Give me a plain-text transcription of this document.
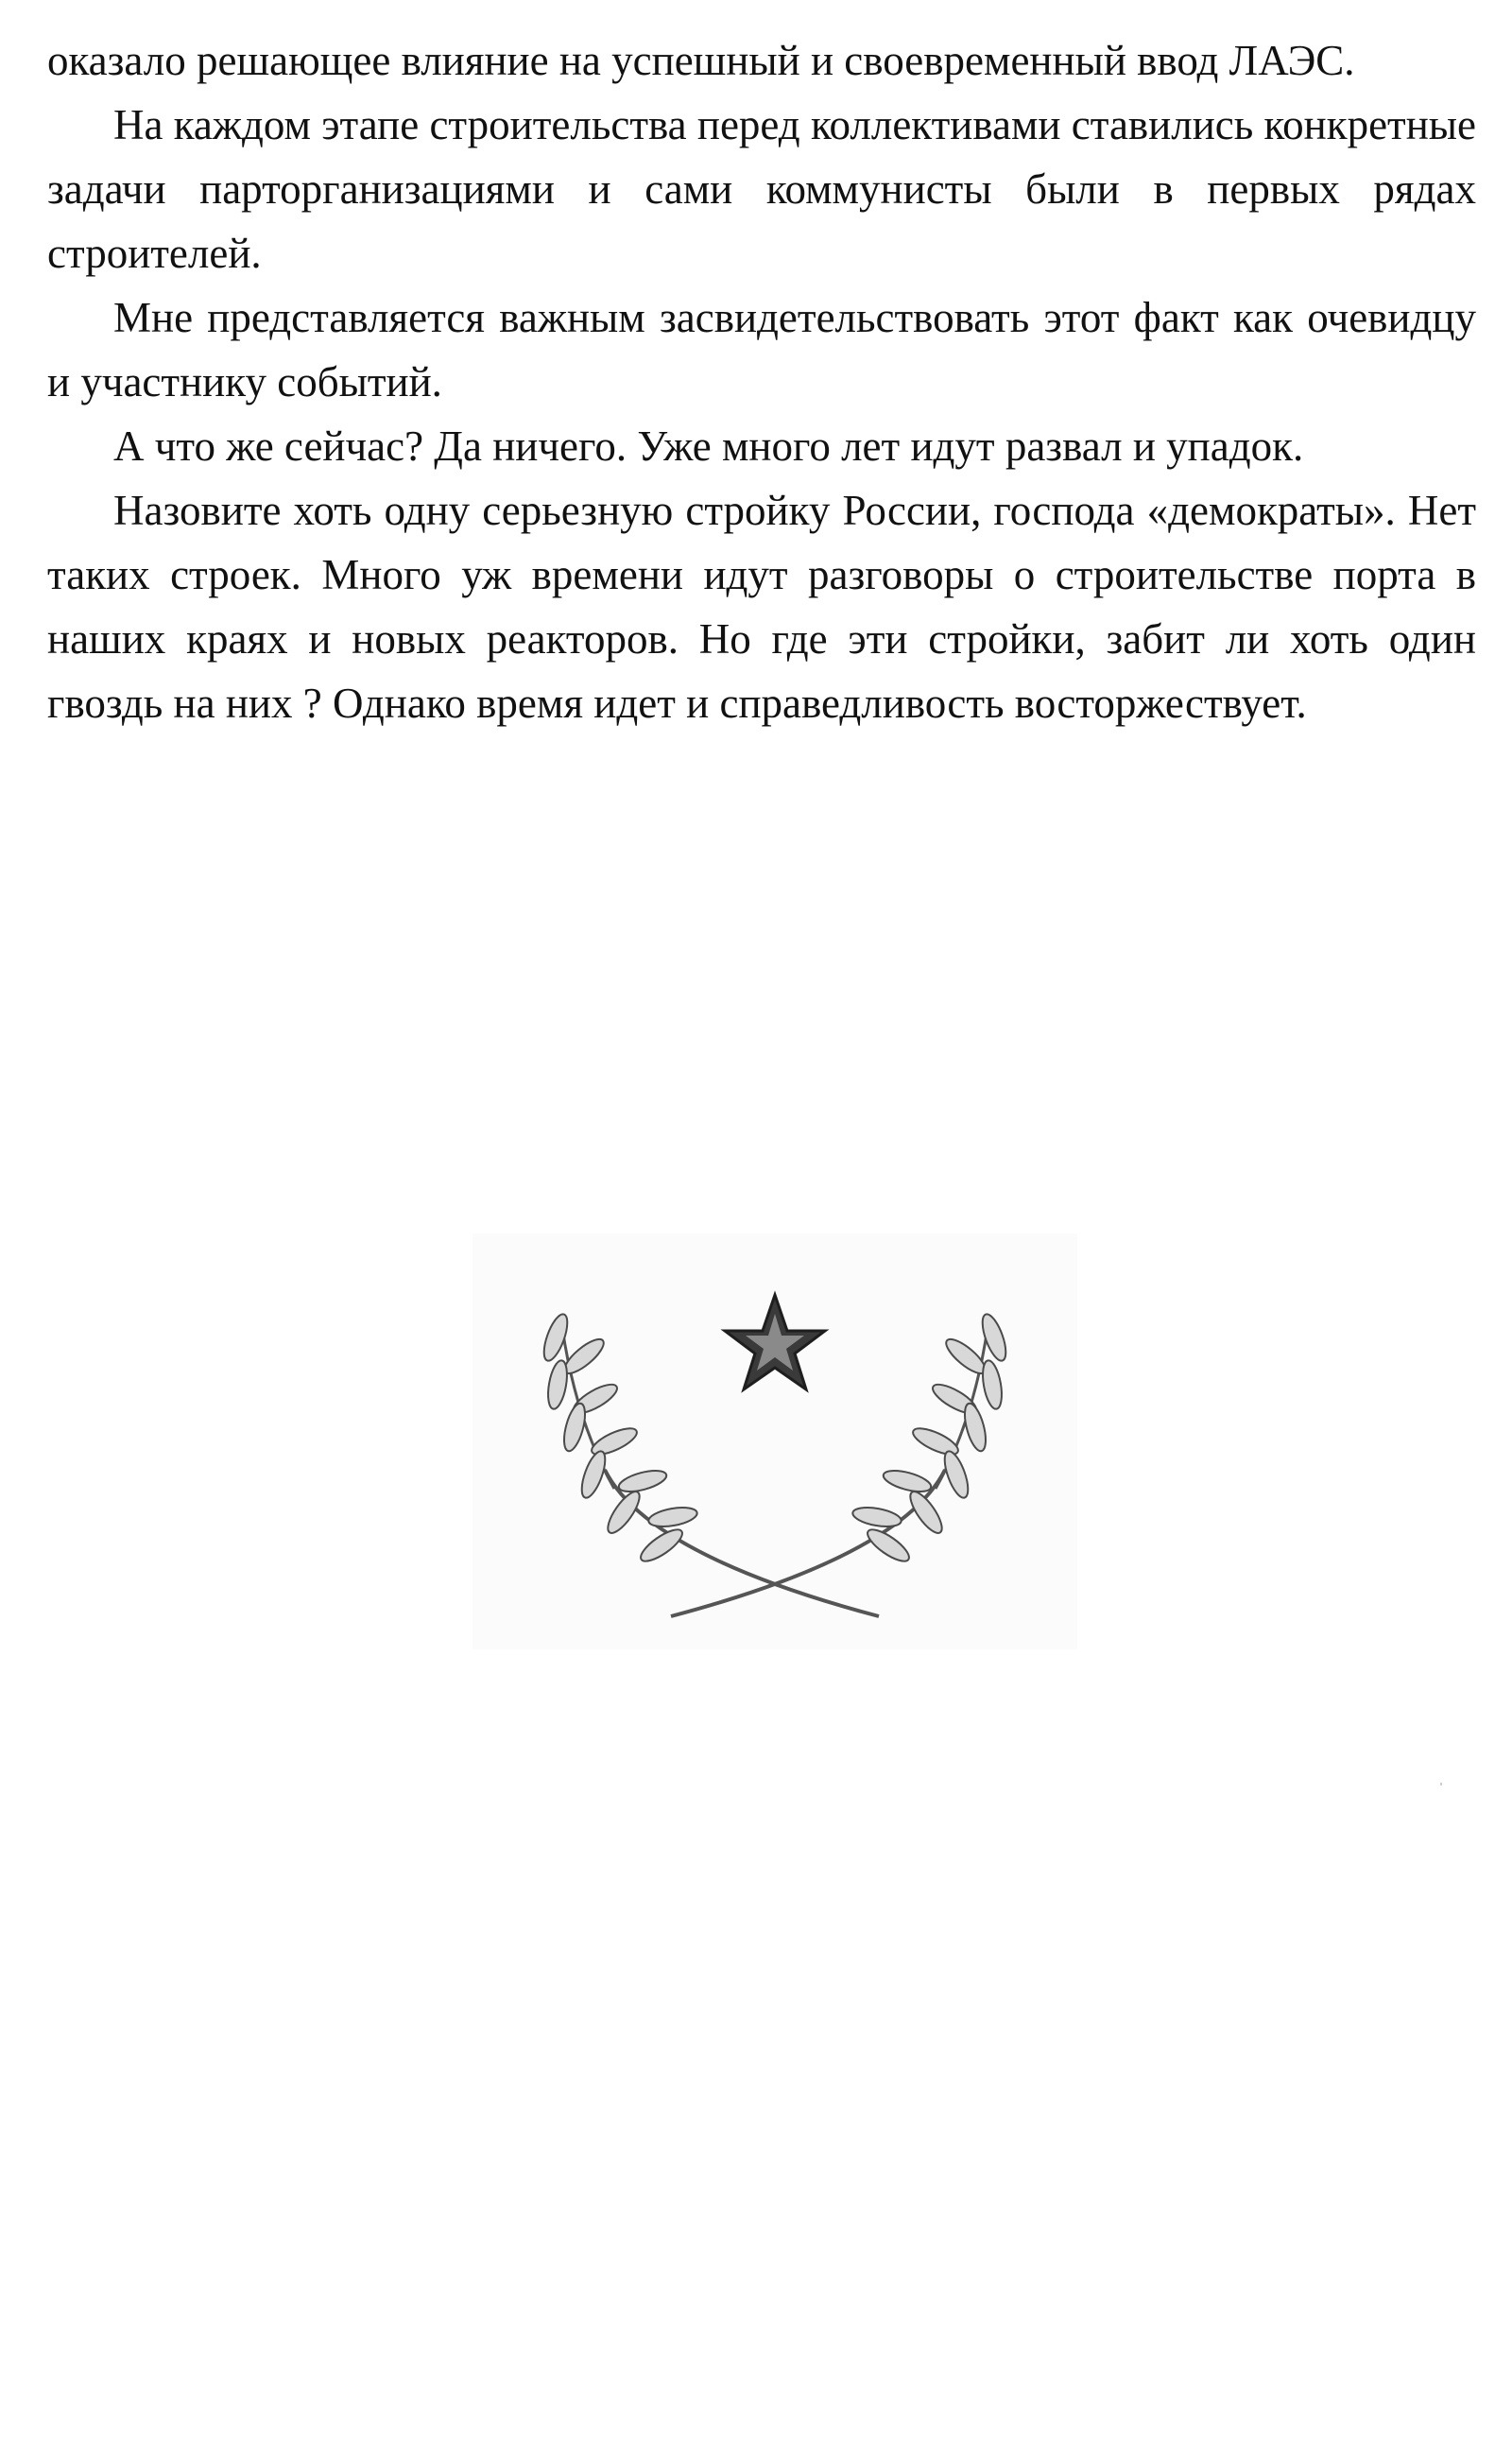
оказало решающее влияние на успешный и своевременный ввод ЛАЭС.

На каждом этапе строительства перед коллективами ставились конкретные задачи парторганизациями и сами коммунисты были в первых рядах строителей.

Мне представляется важным засвидетельствовать этот факт как очевидцу и участнику событий.

А что же сейчас? Да ничего. Уже много лет идут развал и упадок.

Назовите хоть одну серьезную стройку России, господа «демократы». Нет таких строек. Много уж времени идут разговоры о строительстве порта в наших краях и новых реакторов. Но где эти стройки, забит ли хоть один гвоздь на них ? Однако время идет и справедливость восторжествует.
